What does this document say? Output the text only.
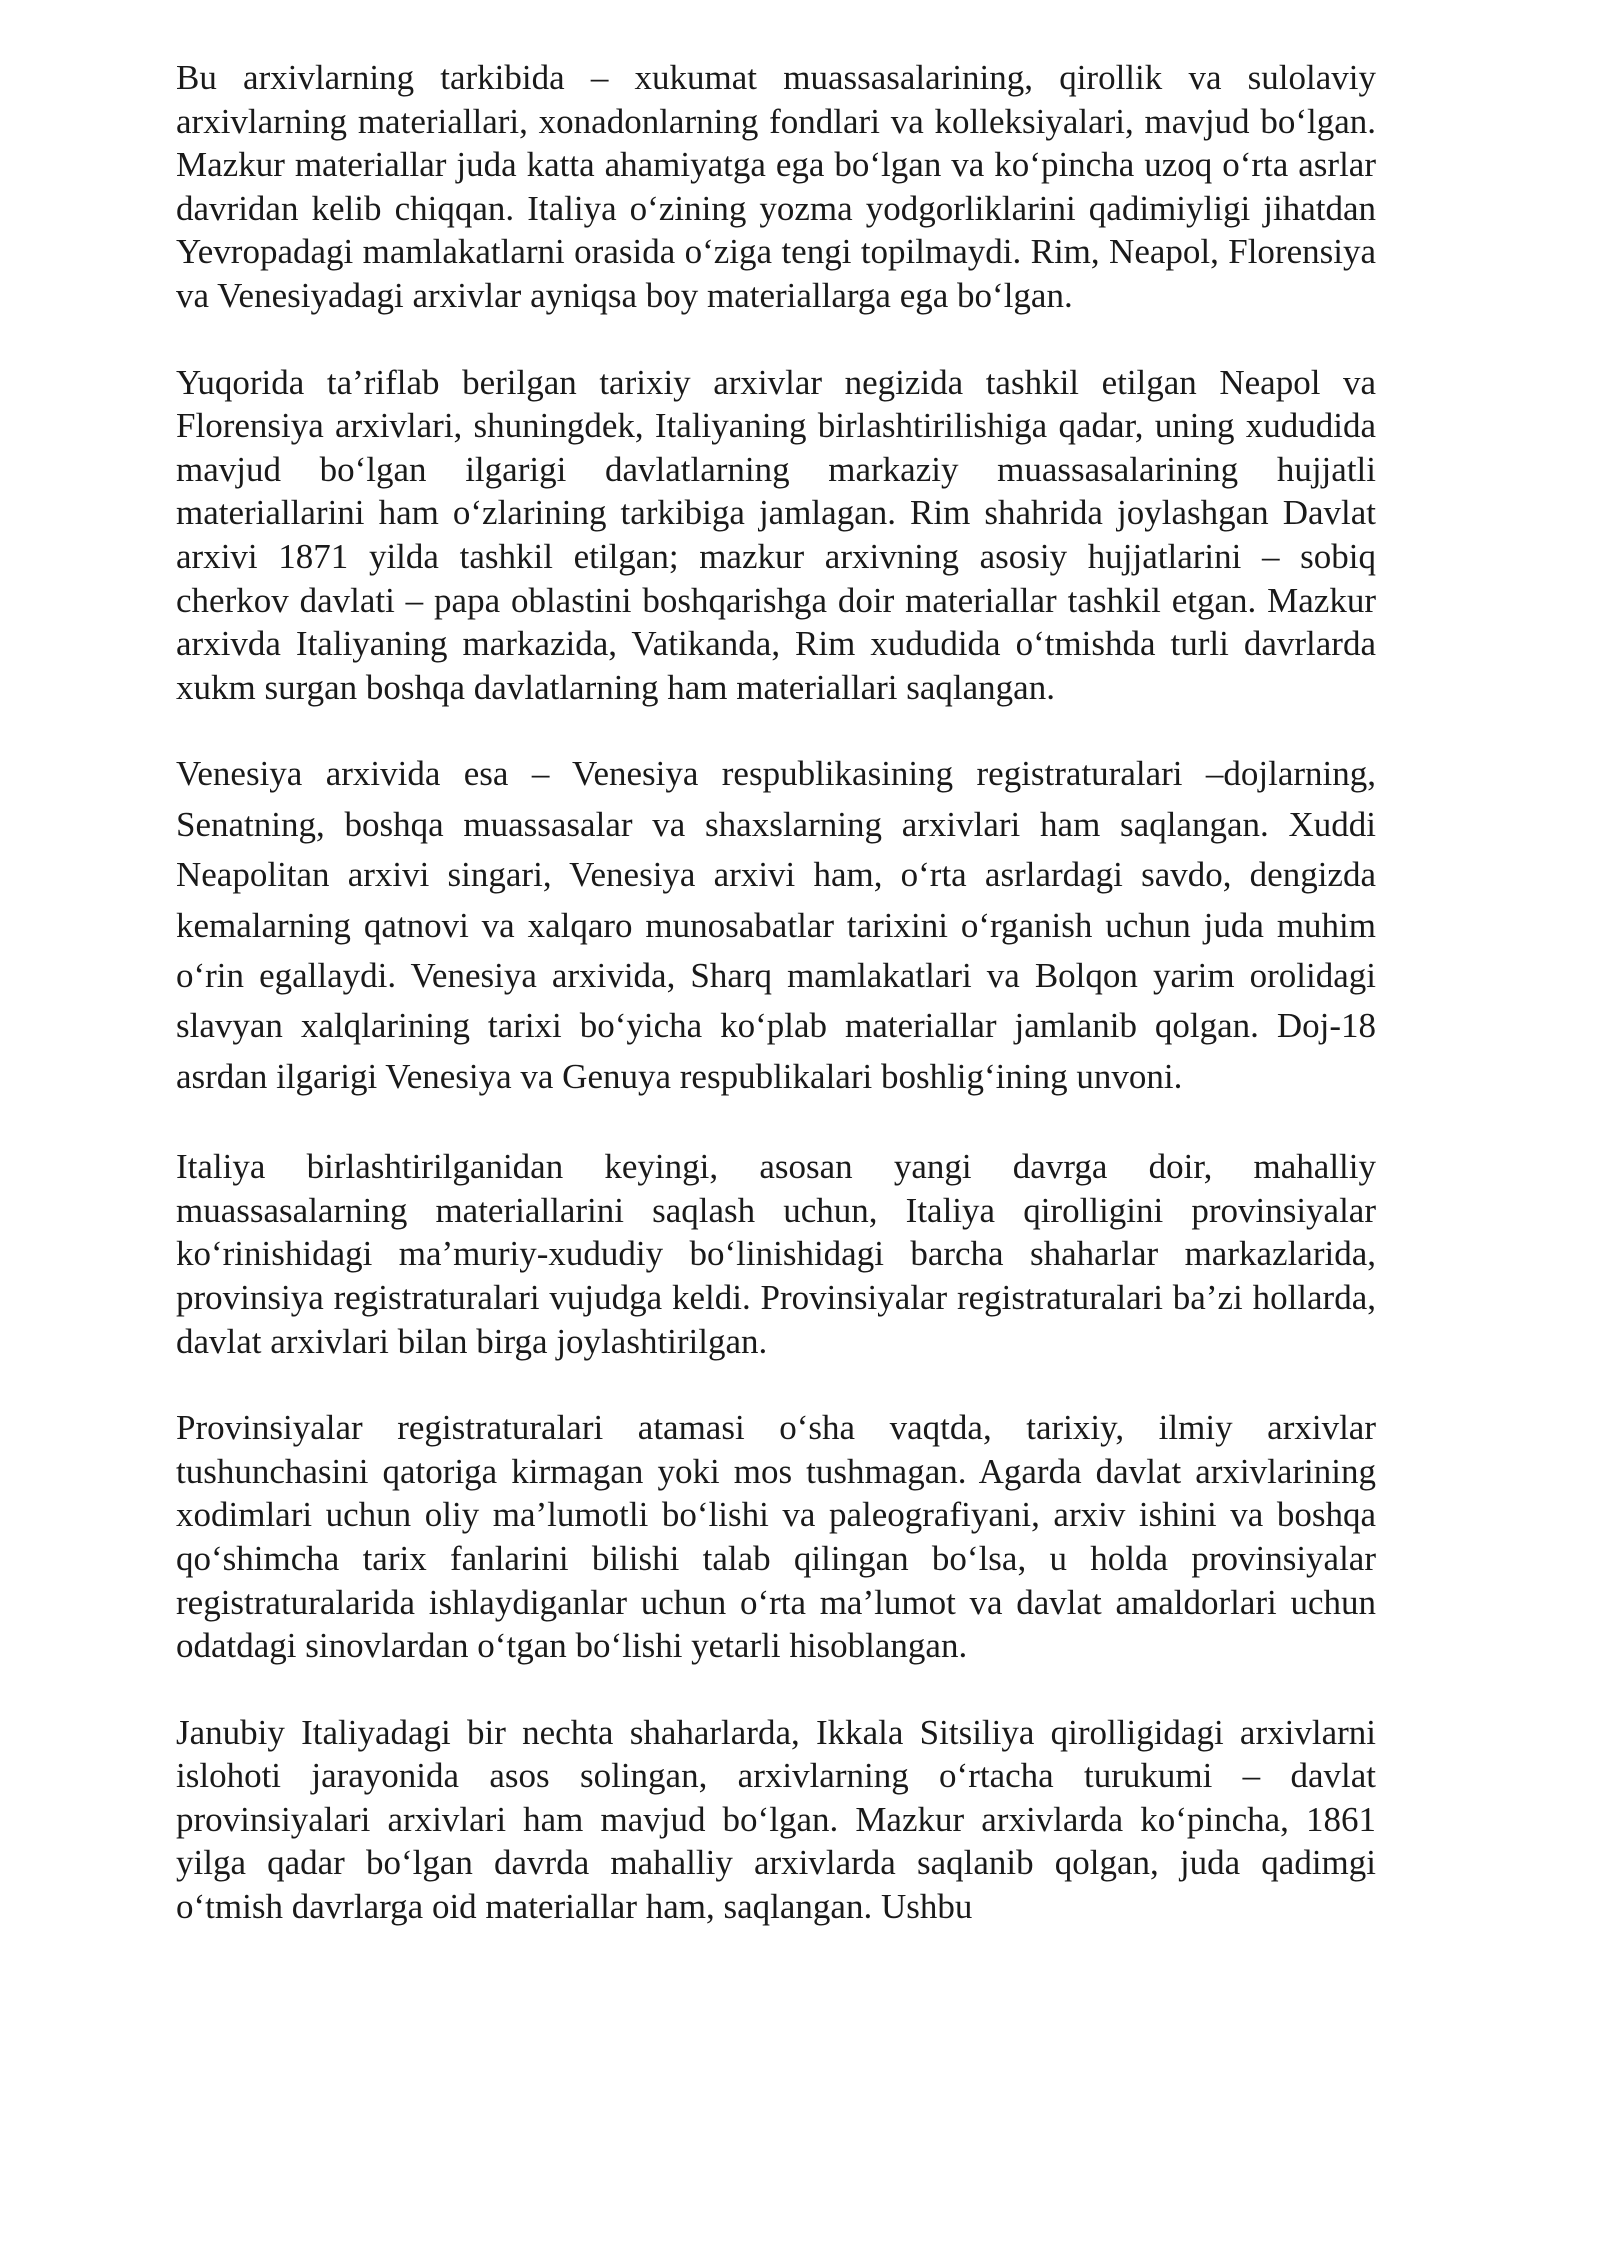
Bu arxivlarning tarkibida – xukumat muassasalarining, qirollik va sulolaviy arxivlarning materiallari, xonadonlarning fondlari va kolleksiyalari, mavjud bo‘lgan. Mazkur materiallar juda katta ahamiyatga ega bo‘lgan va ko‘pincha uzoq o‘rta asrlar davridan kelib chiqqan. Italiya o‘zining yozma yodgorliklarini qadimiyligi jihatdan Yevropadagi mamlakatlarni orasida o‘ziga tengi topilmaydi. Rim, Neapol, Florensiya va Venesiyadagi arxivlar ayniqsa boy materiallarga ega bo‘lgan.

Yuqorida ta’riflab berilgan tarixiy arxivlar negizida tashkil etilgan Neapol va Florensiya arxivlari, shuningdek, Italiyaning birlashtirilishiga qadar, uning xududida mavjud bo‘lgan ilgarigi davlatlarning markaziy muassasalarining hujjatli materiallarini ham o‘zlarining tarkibiga jamlagan. Rim shahrida joylashgan Davlat arxivi 1871 yilda tashkil etilgan; mazkur arxivning asosiy hujjatlarini – sobiq cherkov davlati – papa oblastini boshqarishga doir materiallar tashkil etgan. Mazkur arxivda Italiyaning markazida, Vatikanda, Rim xududida o‘tmishda turli davrlarda xukm surgan boshqa davlatlarning ham materiallari saqlangan.

Venesiya arxivida esa – Venesiya respublikasining registraturalari –dojlarning, Senatning, boshqa muassasalar va shaxslarning arxivlari ham saqlangan. Xuddi Neapolitan arxivi singari, Venesiya arxivi ham, o‘rta asrlardagi savdo, dengizda kemalarning qatnovi va xalqaro munosabatlar tarixini o‘rganish uchun juda muhim o‘rin egallaydi. Venesiya arxivida, Sharq mamlakatlari va Bolqon yarim orolidagi slavyan xalqlarining tarixi bo‘yicha ko‘plab materiallar jamlanib qolgan. Doj-18 asrdan ilgarigi Venesiya va Genuya respublikalari boshlig‘ining unvoni.

Italiya birlashtirilganidan keyingi, asosan yangi davrga doir, mahalliy muassasalarning materiallarini saqlash uchun, Italiya qirolligini provinsiyalar ko‘rinishidagi ma’muriy-xududiy bo‘linishidagi barcha shaharlar markazlarida, provinsiya registraturalari vujudga keldi. Provinsiyalar registraturalari ba’zi hollarda, davlat arxivlari bilan birga joylashtirilgan.

Provinsiyalar registraturalari atamasi o‘sha vaqtda, tarixiy, ilmiy arxivlar tushunchasini qatoriga kirmagan yoki mos tushmagan. Agarda davlat arxivlarining xodimlari uchun oliy ma’lumotli bo‘lishi va paleografiyani, arxiv ishini va boshqa qo‘shimcha tarix fanlarini bilishi talab qilingan bo‘lsa, u holda provinsiyalar registraturalarida ishlaydiganlar uchun o‘rta ma’lumot va davlat amaldorlari uchun odatdagi sinovlardan o‘tgan bo‘lishi yetarli hisoblangan.

Janubiy Italiyadagi bir nechta shaharlarda, Ikkala Sitsiliya qirolligidagi arxivlarni islohoti jarayonida asos solingan, arxivlarning o‘rtacha turukumi – davlat provinsiyalari arxivlari ham mavjud bo‘lgan. Mazkur arxivlarda ko‘pincha, 1861 yilga qadar bo‘lgan davrda mahalliy arxivlarda saqlanib qolgan, juda qadimgi o‘tmish davrlarga oid materiallar ham, saqlangan. Ushbu
